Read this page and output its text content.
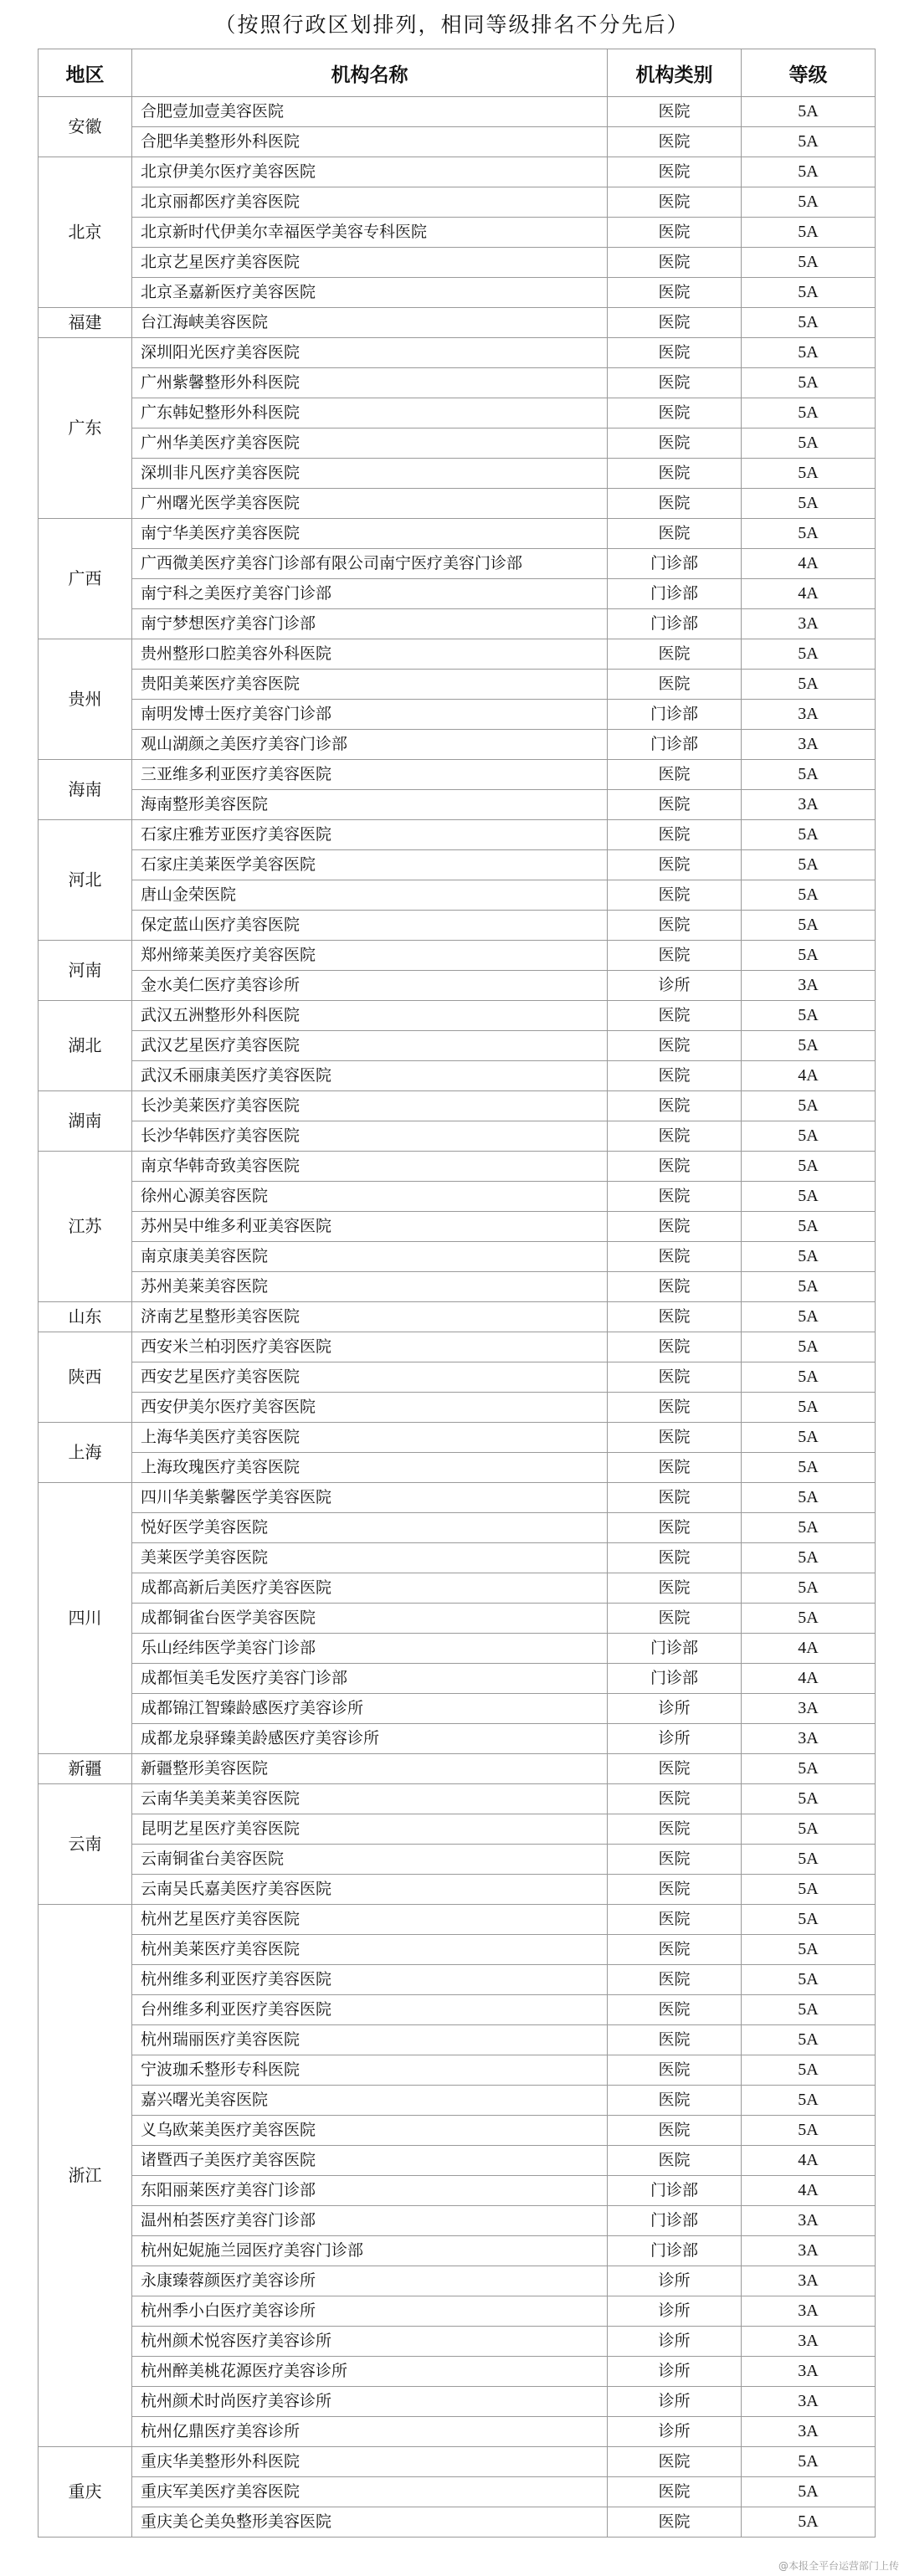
（按照行政区划排列，相同等级排名不分先后）
地区	机构名称	机构类别	等级
安徽	合肥壹加壹美容医院	医院	5A
	合肥华美整形外科医院	医院	5A
北京	北京伊美尔医疗美容医院	医院	5A
	北京丽都医疗美容医院	医院	5A
	北京新时代伊美尔幸福医学美容专科医院	医院	5A
	北京艺星医疗美容医院	医院	5A
	北京圣嘉新医疗美容医院	医院	5A
福建	台江海峡美容医院	医院	5A
广东	深圳阳光医疗美容医院	医院	5A
	广州紫馨整形外科医院	医院	5A
	广东韩妃整形外科医院	医院	5A
	广州华美医疗美容医院	医院	5A
	深圳非凡医疗美容医院	医院	5A
	广州曙光医学美容医院	医院	5A
广西	南宁华美医疗美容医院	医院	5A
	广西微美医疗美容门诊部有限公司南宁医疗美容门诊部	门诊部	4A
	南宁科之美医疗美容门诊部	门诊部	4A
	南宁梦想医疗美容门诊部	门诊部	3A
贵州	贵州整形口腔美容外科医院	医院	5A
	贵阳美莱医疗美容医院	医院	5A
	南明发博士医疗美容门诊部	门诊部	3A
	观山湖颜之美医疗美容门诊部	门诊部	3A
海南	三亚维多利亚医疗美容医院	医院	5A
	海南整形美容医院	医院	3A
河北	石家庄雅芳亚医疗美容医院	医院	5A
	石家庄美莱医学美容医院	医院	5A
	唐山金荣医院	医院	5A
	保定蓝山医疗美容医院	医院	5A
河南	郑州缔莱美医疗美容医院	医院	5A
	金水美仁医疗美容诊所	诊所	3A
湖北	武汉五洲整形外科医院	医院	5A
	武汉艺星医疗美容医院	医院	5A
	武汉禾丽康美医疗美容医院	医院	4A
湖南	长沙美莱医疗美容医院	医院	5A
	长沙华韩医疗美容医院	医院	5A
江苏	南京华韩奇致美容医院	医院	5A
	徐州心源美容医院	医院	5A
	苏州吴中维多利亚美容医院	医院	5A
	南京康美美容医院	医院	5A
	苏州美莱美容医院	医院	5A
山东	济南艺星整形美容医院	医院	5A
陕西	西安米兰柏羽医疗美容医院	医院	5A
	西安艺星医疗美容医院	医院	5A
	西安伊美尔医疗美容医院	医院	5A
上海	上海华美医疗美容医院	医院	5A
	上海玫瑰医疗美容医院	医院	5A
四川	四川华美紫馨医学美容医院	医院	5A
	悦好医学美容医院	医院	5A
	美莱医学美容医院	医院	5A
	成都高新后美医疗美容医院	医院	5A
	成都铜雀台医学美容医院	医院	5A
	乐山经纬医学美容门诊部	门诊部	4A
	成都恒美毛发医疗美容门诊部	门诊部	4A
	成都锦江智臻龄感医疗美容诊所	诊所	3A
	成都龙泉驿臻美龄感医疗美容诊所	诊所	3A
新疆	新疆整形美容医院	医院	5A
云南	云南华美美莱美容医院	医院	5A
	昆明艺星医疗美容医院	医院	5A
	云南铜雀台美容医院	医院	5A
	云南吴氏嘉美医疗美容医院	医院	5A
浙江	杭州艺星医疗美容医院	医院	5A
	杭州美莱医疗美容医院	医院	5A
	杭州维多利亚医疗美容医院	医院	5A
	台州维多利亚医疗美容医院	医院	5A
	杭州瑞丽医疗美容医院	医院	5A
	宁波珈禾整形专科医院	医院	5A
	嘉兴曙光美容医院	医院	5A
	义乌欧莱美医疗美容医院	医院	5A
	诸暨西子美医疗美容医院	医院	4A
	东阳丽莱医疗美容门诊部	门诊部	4A
	温州柏荟医疗美容门诊部	门诊部	3A
	杭州妃妮施兰园医疗美容门诊部	门诊部	3A
	永康臻蓉颜医疗美容诊所	诊所	3A
	杭州季小白医疗美容诊所	诊所	3A
	杭州颜术悦容医疗美容诊所	诊所	3A
	杭州醉美桃花源医疗美容诊所	诊所	3A
	杭州颜术时尚医疗美容诊所	诊所	3A
	杭州亿鼎医疗美容诊所	诊所	3A
重庆	重庆华美整形外科医院	医院	5A
	重庆军美医疗美容医院	医院	5A
	重庆美仑美奂整形美容医院	医院	5A
@本报全平台运营部门上传
